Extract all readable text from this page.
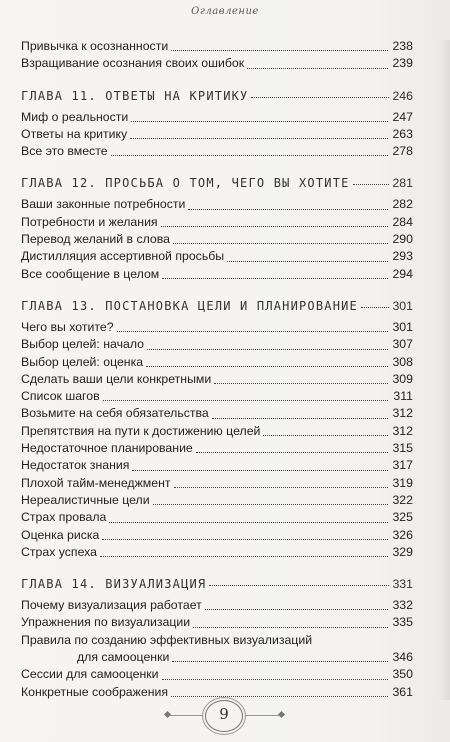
Оглавление
Привычка к осознанности	238
Взращивание осознания своих ошибок	239
ГЛАВА 11. ОТВЕТЫ НА КРИТИКУ	246
Миф о реальности	247
Ответы на критику	263
Все это вместе	278
ГЛАВА 12. ПРОСЬБА О ТОМ, ЧЕГО ВЫ ХОТИТЕ	281
Ваши законные потребности	282
Потребности и желания	284
Перевод желаний в слова	290
Дистилляция ассертивной просьбы	293
Все сообщение в целом	294
ГЛАВА 13. ПОСТАНОВКА ЦЕЛИ И ПЛАНИРОВАНИЕ	301
Чего вы хотите?	301
Выбор целей: начало	307
Выбор целей: оценка	308
Сделать ваши цели конкретными	309
Список шагов	311
Возьмите на себя обязательства	312
Препятствия на пути к достижению целей	312
Недостаточное планирование	315
Недостаток знания	317
Плохой тайм-менеджмент	319
Нереалистичные цели	322
Страх провала	325
Оценка риска	326
Страх успеха	329
ГЛАВА 14. ВИЗУАЛИЗАЦИЯ	331
Почему визуализация работает	332
Упражнения по визуализации	335
Правила по созданию эффективных визуализаций
для самооценки	346
Сессии для самооценки	350
Конкретные соображения	361
9
